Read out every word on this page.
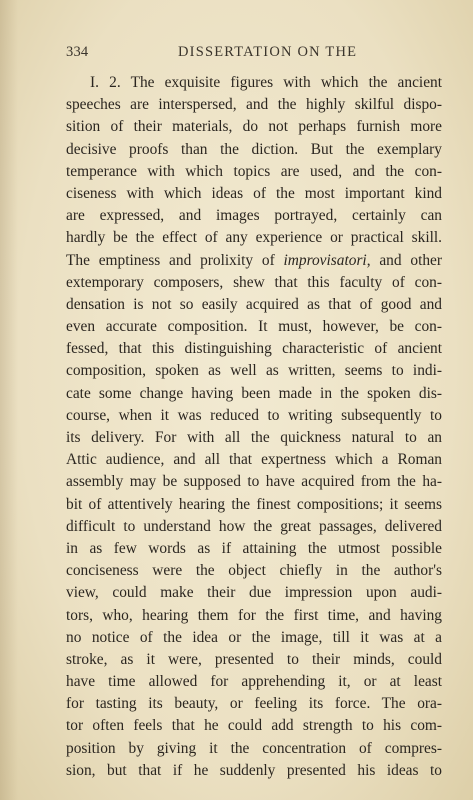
334	DISSERTATION ON THE
I. 2. The exquisite figures with which the ancient
speeches are interspersed, and the highly skilful dispo-
sition of their materials, do not perhaps furnish more
decisive proofs than the diction. But the exemplary
temperance with which topics are used, and the con-
ciseness with which ideas of the most important kind
are expressed, and images portrayed, certainly can
hardly be the effect of any experience or practical skill.
The emptiness and prolixity of improvisatori, and other
extemporary composers, shew that this faculty of con-
densation is not so easily acquired as that of good and
even accurate composition. It must, however, be con-
fessed, that this distinguishing characteristic of ancient
composition, spoken as well as written, seems to indi-
cate some change having been made in the spoken dis-
course, when it was reduced to writing subsequently to
its delivery. For with all the quickness natural to an
Attic audience, and all that expertness which a Roman
assembly may be supposed to have acquired from the ha-
bit of attentively hearing the finest compositions; it seems
difficult to understand how the great passages, delivered
in as few words as if attaining the utmost possible
conciseness were the object chiefly in the author's
view, could make their due impression upon audi-
tors, who, hearing them for the first time, and having
no notice of the idea or the image, till it was at a
stroke, as it were, presented to their minds, could
have time allowed for apprehending it, or at least
for tasting its beauty, or feeling its force. The ora-
tor often feels that he could add strength to his com-
position by giving it the concentration of compres-
sion, but that if he suddenly presented his ideas to
